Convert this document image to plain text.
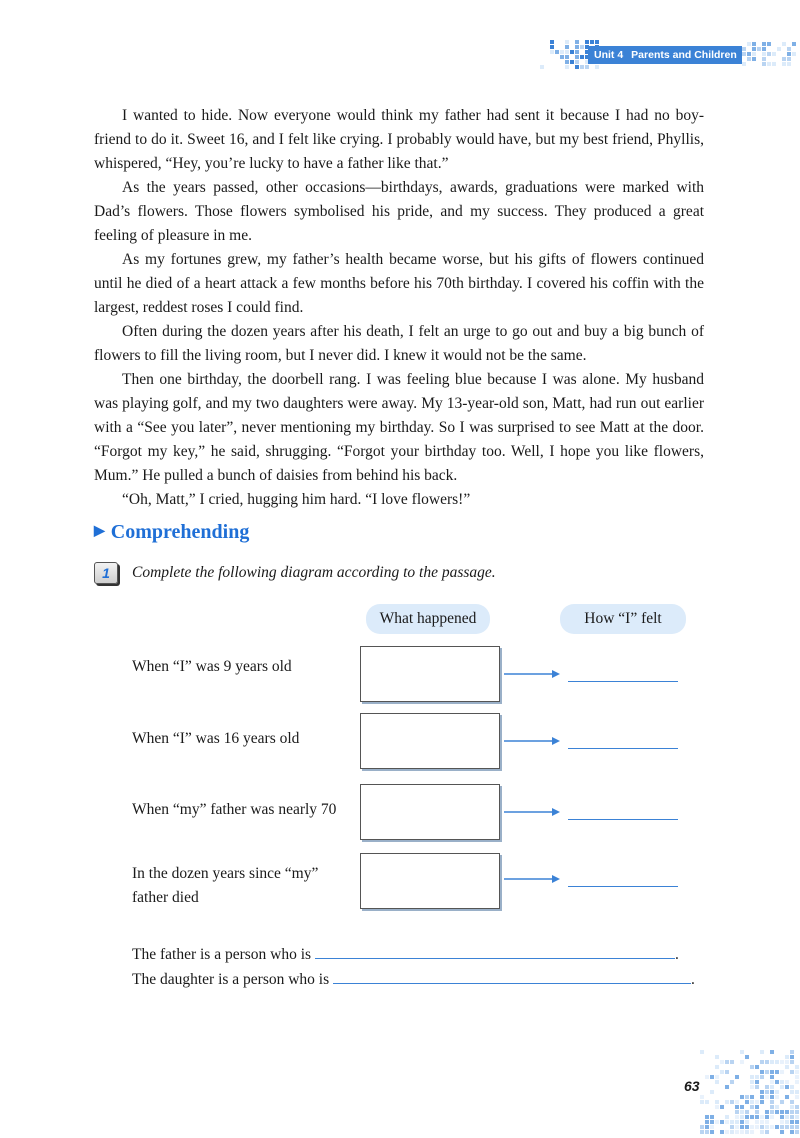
Unit 4 Parents and Children

I wanted to hide. Now everyone would think my father had sent it because I had no boy-friend to do it. Sweet 16, and I felt like crying. I probably would have, but my best friend, Phyllis, whispered, “Hey, you’re lucky to have a father like that.”

As the years passed, other occasions—birthdays, awards, graduations were marked with Dad’s flowers. Those flowers symbolised his pride, and my success. They produced a great feeling of pleasure in me.

As my fortunes grew, my father’s health became worse, but his gifts of flowers continued until he died of a heart attack a few months before his 70th birthday. I covered his coffin with the largest, reddest roses I could find.

Often during the dozen years after his death, I felt an urge to go out and buy a big bunch of flowers to fill the living room, but I never did. I knew it would not be the same.

Then one birthday, the doorbell rang. I was feeling blue because I was alone. My husband was playing golf, and my two daughters were away. My 13-year-old son, Matt, had run out earlier with a “See you later”, never mentioning my birthday. So I was surprised to see Matt at the door. “Forgot my key,” he said, shrugging. “Forgot your birthday too. Well, I hope you like flowers, Mum.” He pulled a bunch of daisies from behind his back.

“Oh, Matt,” I cried, hugging him hard. “I love flowers!”

▶ Comprehending
1	Complete the following diagram according to the passage.
What happened	How “I” felt
When “I” was 9 years old
When “I” was 16 years old
When “my” father was nearly 70
In the dozen years since “my” father died
The father is a person who is	.
The daughter is a person who is	.
63
